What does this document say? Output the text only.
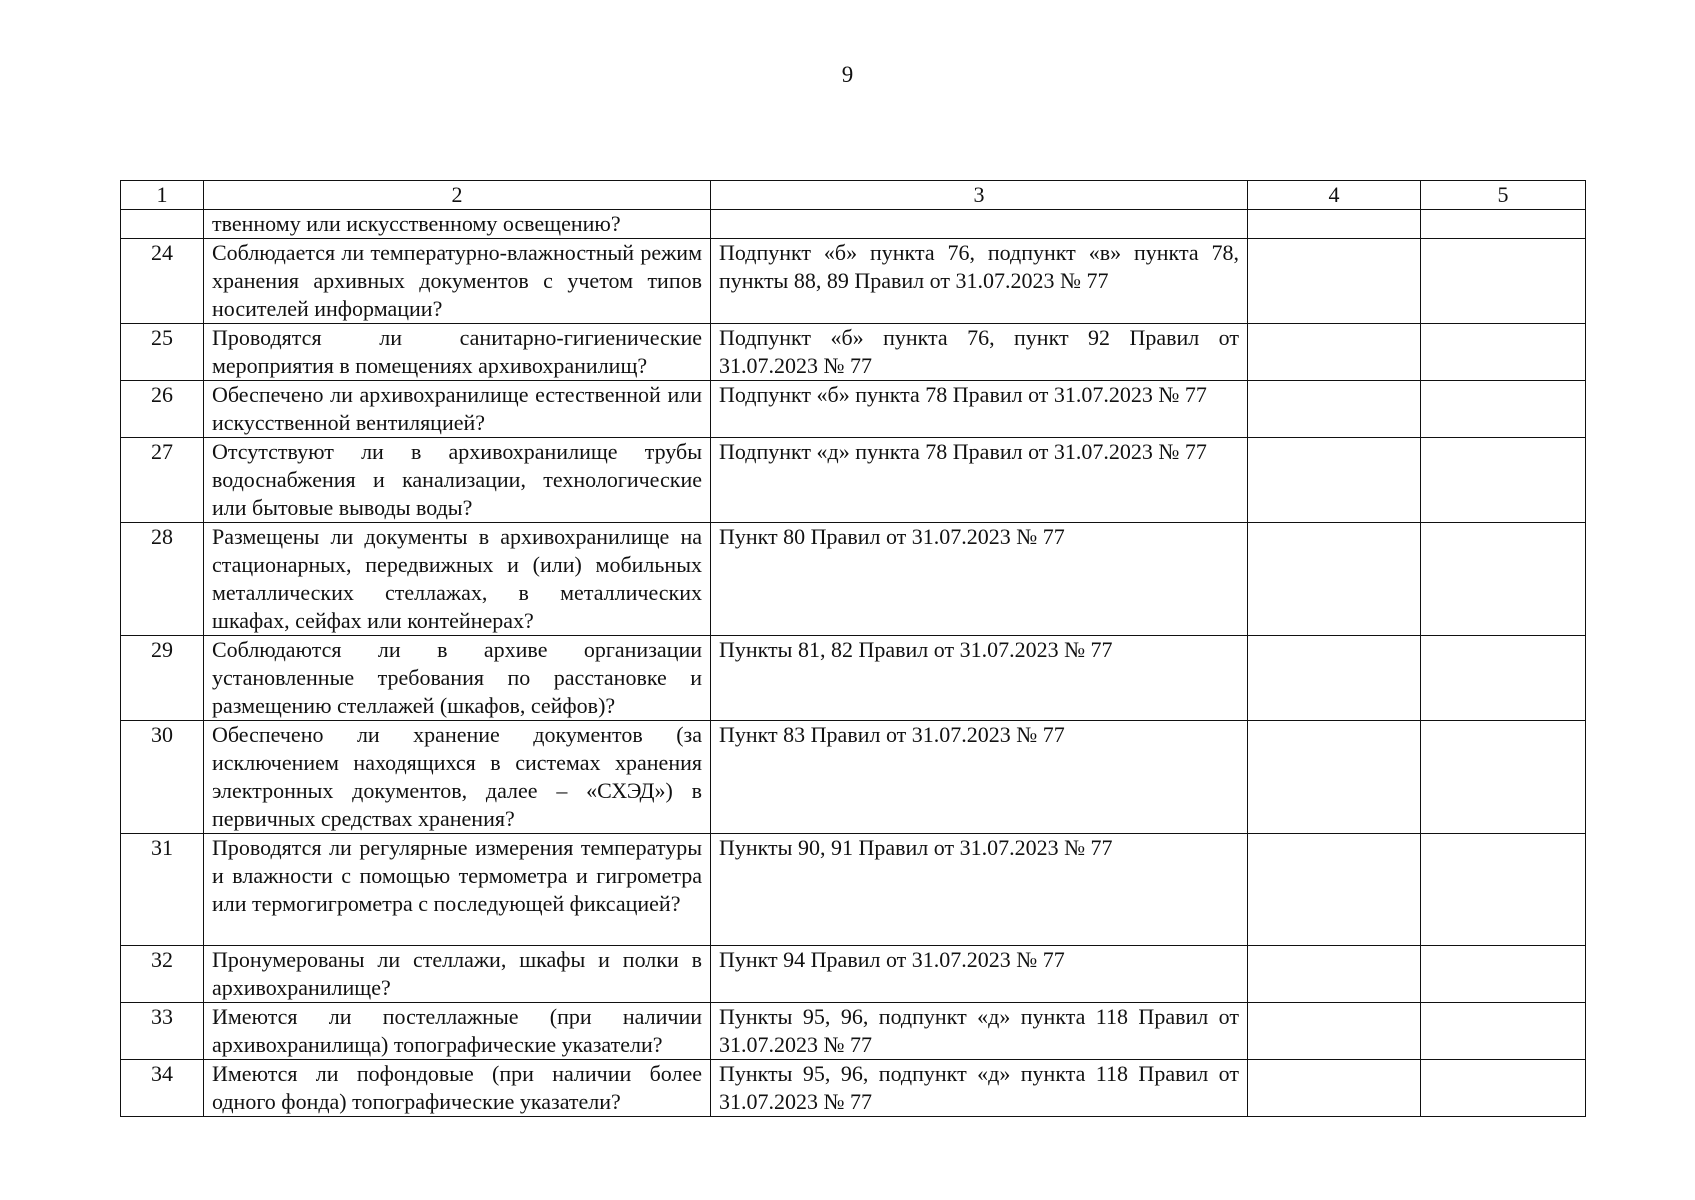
9
1	2	3	4	5
	твенному или искусственному освещению?			
24	Соблюдается ли температурно-влажностный режим хранения архивных документов с учетом типов носителей информации?	Подпункт «б» пункта 76, подпункт «в» пункта 78, пункты 88, 89 Правил от 31.07.2023 № 77		
25	Проводятся ли санитарно-гигиенические мероприятия в помещениях архивохранилищ?	Подпункт «б» пункта 76, пункт 92 Правил от 31.07.2023 № 77		
26	Обеспечено ли архивохранилище естественной или искусственной вентиляцией?	Подпункт «б» пункта 78 Правил от 31.07.2023 № 77		
27	Отсутствуют ли в архивохранилище трубы водоснабжения и канализации, технологические или бытовые выводы воды?	Подпункт «д» пункта 78 Правил от 31.07.2023 № 77		
28	Размещены ли документы в архивохранилище на стационарных, передвижных и (или) мобильных металлических стеллажах, в металлических шкафах, сейфах или контейнерах?	Пункт 80 Правил от 31.07.2023 № 77		
29	Соблюдаются ли в архиве организации установленные требования по расстановке и размещению стеллажей (шкафов, сейфов)?	Пункты 81, 82 Правил от 31.07.2023 № 77		
30	Обеспечено ли хранение документов (за исключением находящихся в системах хранения электронных документов, далее – «СХЭД») в первичных средствах хранения?	Пункт 83 Правил от 31.07.2023 № 77		
31	Проводятся ли регулярные измерения температуры и влажности с помощью термометра и гигрометра или термогигрометра с последующей фиксацией?	Пункты 90, 91 Правил от 31.07.2023 № 77		
32	Пронумерованы ли стеллажи, шкафы и полки в архивохранилище?	Пункт 94 Правил от 31.07.2023 № 77		
33	Имеются ли постеллажные (при наличии архивохранилища) топографические указатели?	Пункты 95, 96, подпункт «д» пункта 118 Правил от 31.07.2023 № 77		
34	Имеются ли пофондовые (при наличии более одного фонда) топографические указатели?	Пункты 95, 96, подпункт «д» пункта 118 Правил от 31.07.2023 № 77		
